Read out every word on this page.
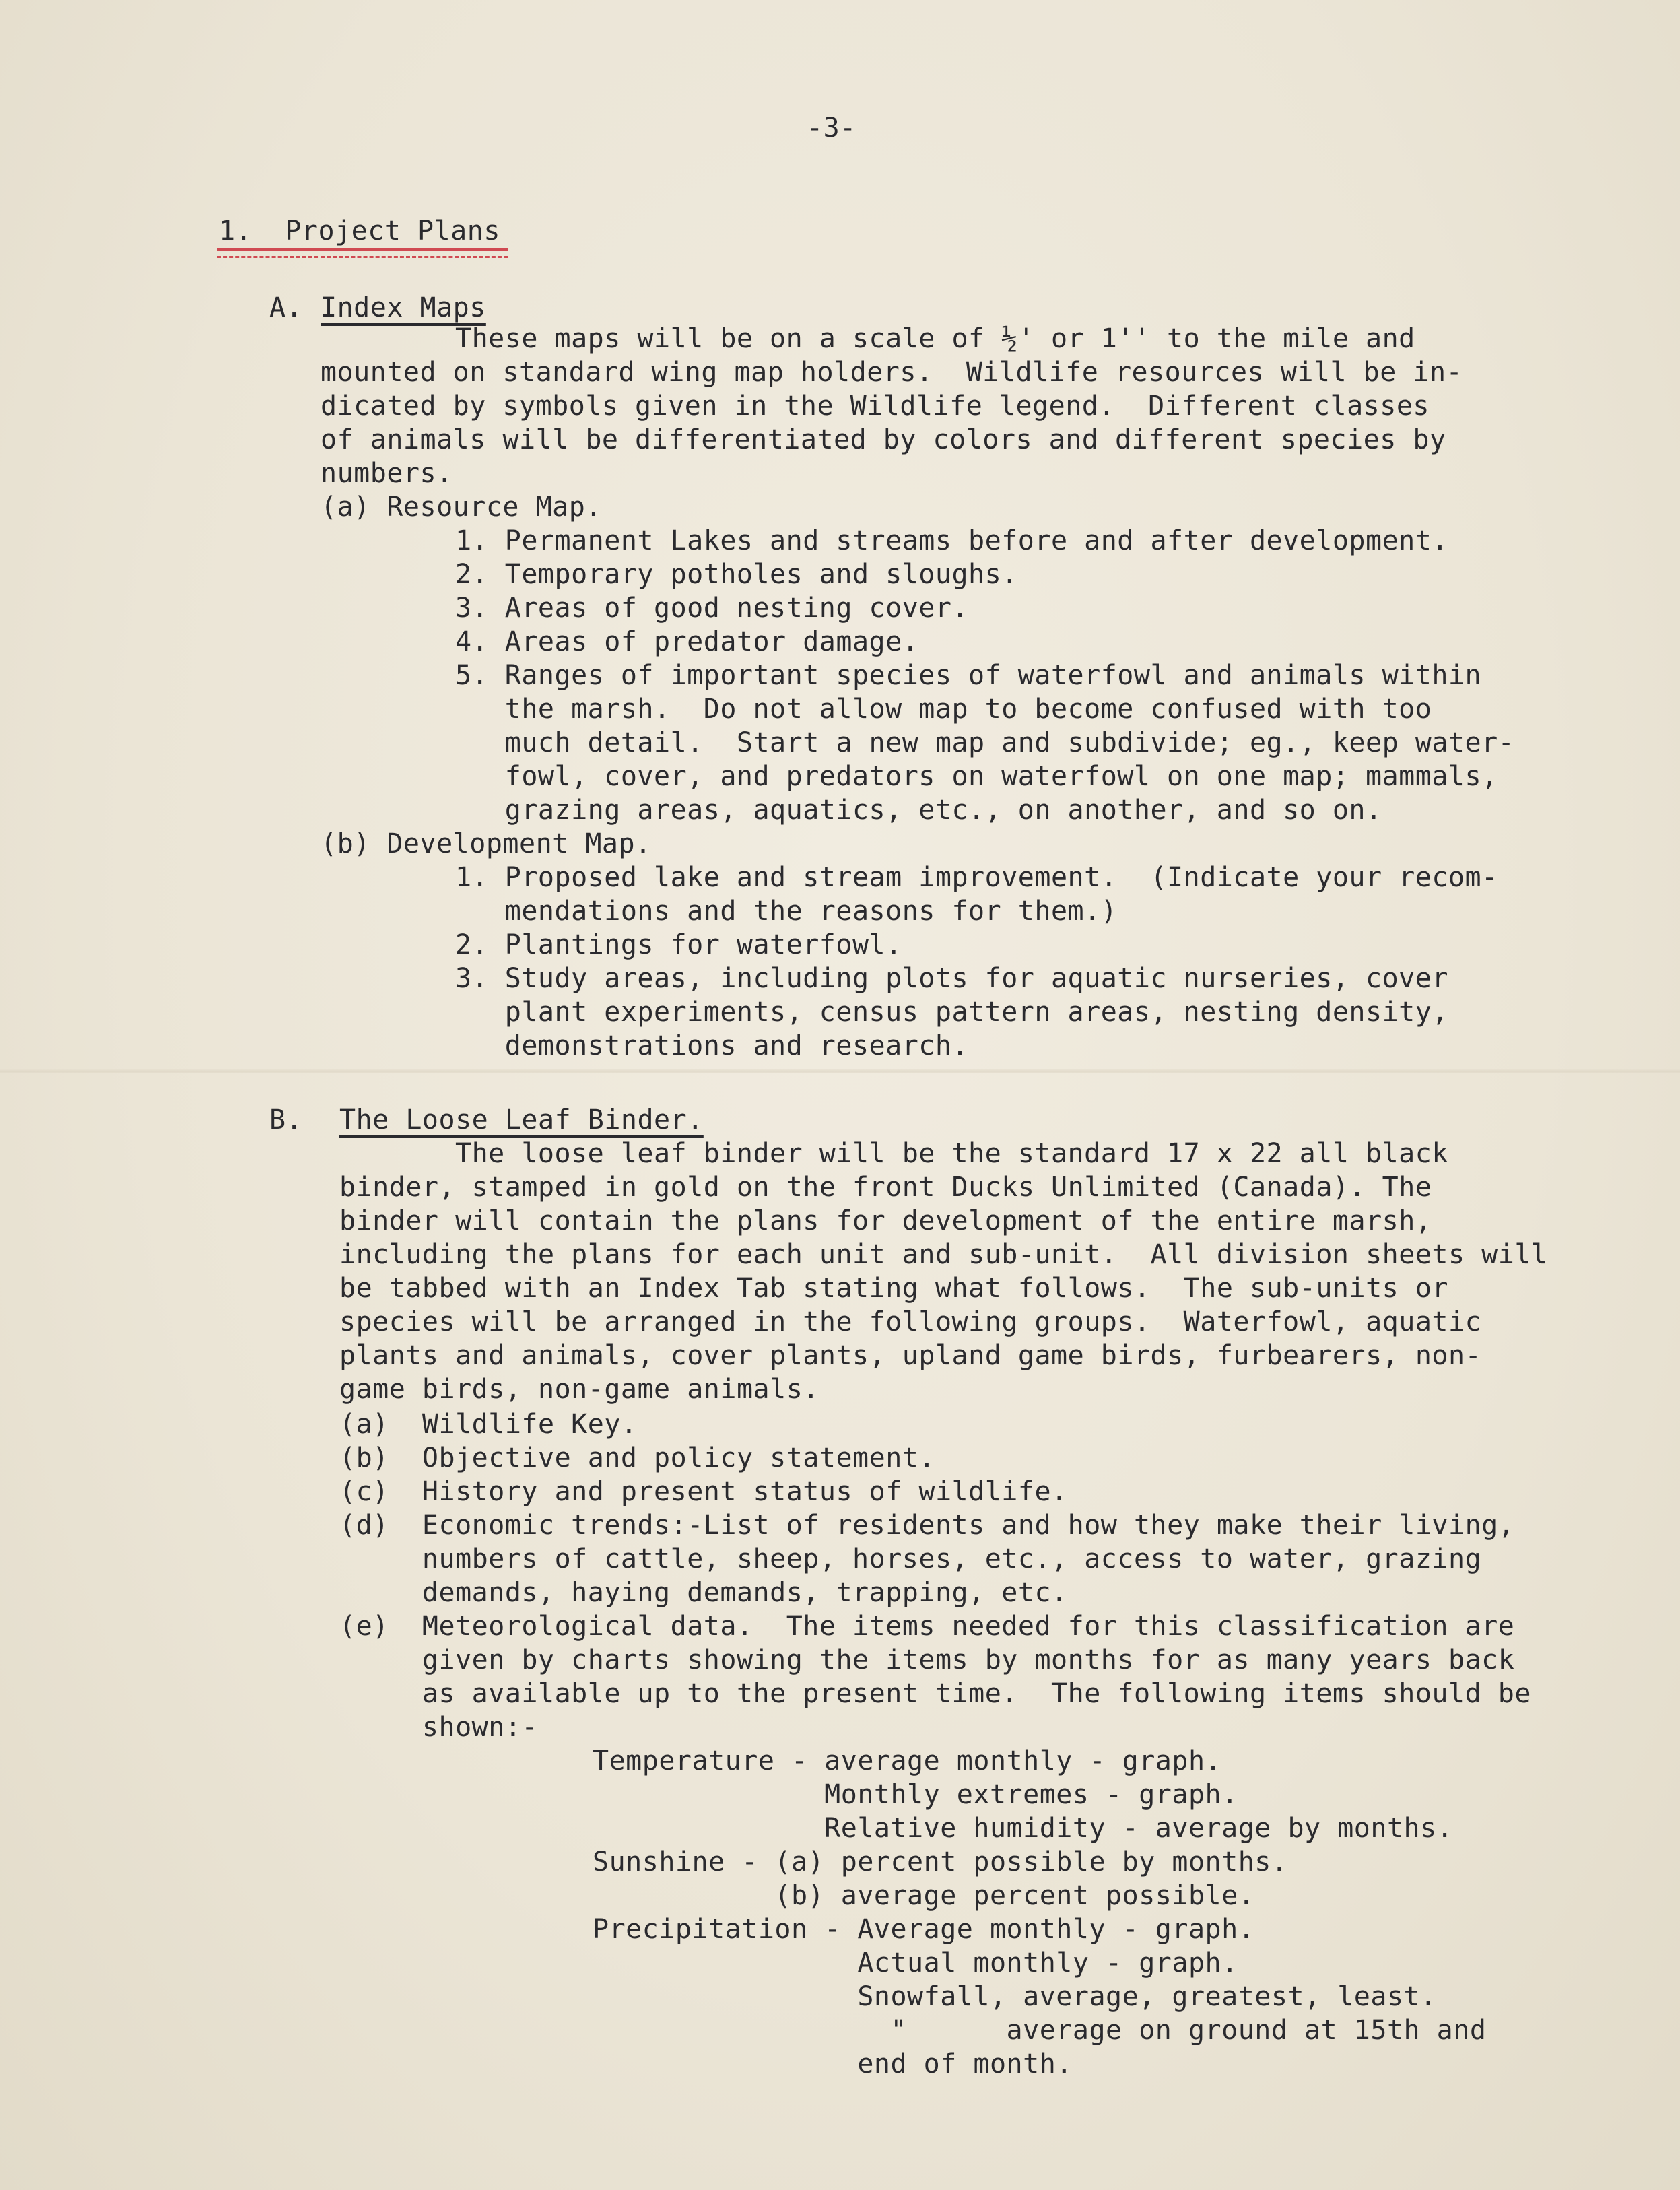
-3-
1.  Project Plans
A. Index Maps
These maps will be on a scale of ½' or 1'' to the mile and
mounted on standard wing map holders.  Wildlife resources will be in-
dicated by symbols given in the Wildlife legend.  Different classes
of animals will be differentiated by colors and different species by
numbers.
(a) Resource Map.
1. Permanent Lakes and streams before and after development.
2. Temporary potholes and sloughs.
3. Areas of good nesting cover.
4. Areas of predator damage.
5. Ranges of important species of waterfowl and animals within
the marsh.  Do not allow map to become confused with too
much detail.  Start a new map and subdivide; eg., keep water-
fowl, cover, and predators on waterfowl on one map; mammals,
grazing areas, aquatics, etc., on another, and so on.
(b) Development Map.
1. Proposed lake and stream improvement.  (Indicate your recom-
mendations and the reasons for them.)
2. Plantings for waterfowl.
3. Study areas, including plots for aquatic nurseries, cover
plant experiments, census pattern areas, nesting density,
demonstrations and research.
B. The Loose Leaf Binder.
The loose leaf binder will be the standard 17 x 22 all black
binder, stamped in gold on the front Ducks Unlimited (Canada). The
binder will contain the plans for development of the entire marsh,
including the plans for each unit and sub-unit.  All division sheets will
be tabbed with an Index Tab stating what follows.  The sub-units or
species will be arranged in the following groups.  Waterfowl, aquatic
plants and animals, cover plants, upland game birds, furbearers, non-
game birds, non-game animals.
(a)  Wildlife Key.
(b)  Objective and policy statement.
(c)  History and present status of wildlife.
(d)  Economic trends:-List of residents and how they make their living,
numbers of cattle, sheep, horses, etc., access to water, grazing
demands, haying demands, trapping, etc.
(e)  Meteorological data.  The items needed for this classification are
given by charts showing the items by months for as many years back
as available up to the present time.  The following items should be
shown:-
Temperature - average monthly - graph.
Monthly extremes - graph.
Relative humidity - average by months.
Sunshine - (a) percent possible by months.
(b) average percent possible.
Precipitation - Average monthly - graph.
Actual monthly - graph.
Snowfall, average, greatest, least.
"      average on ground at 15th and
end of month.
